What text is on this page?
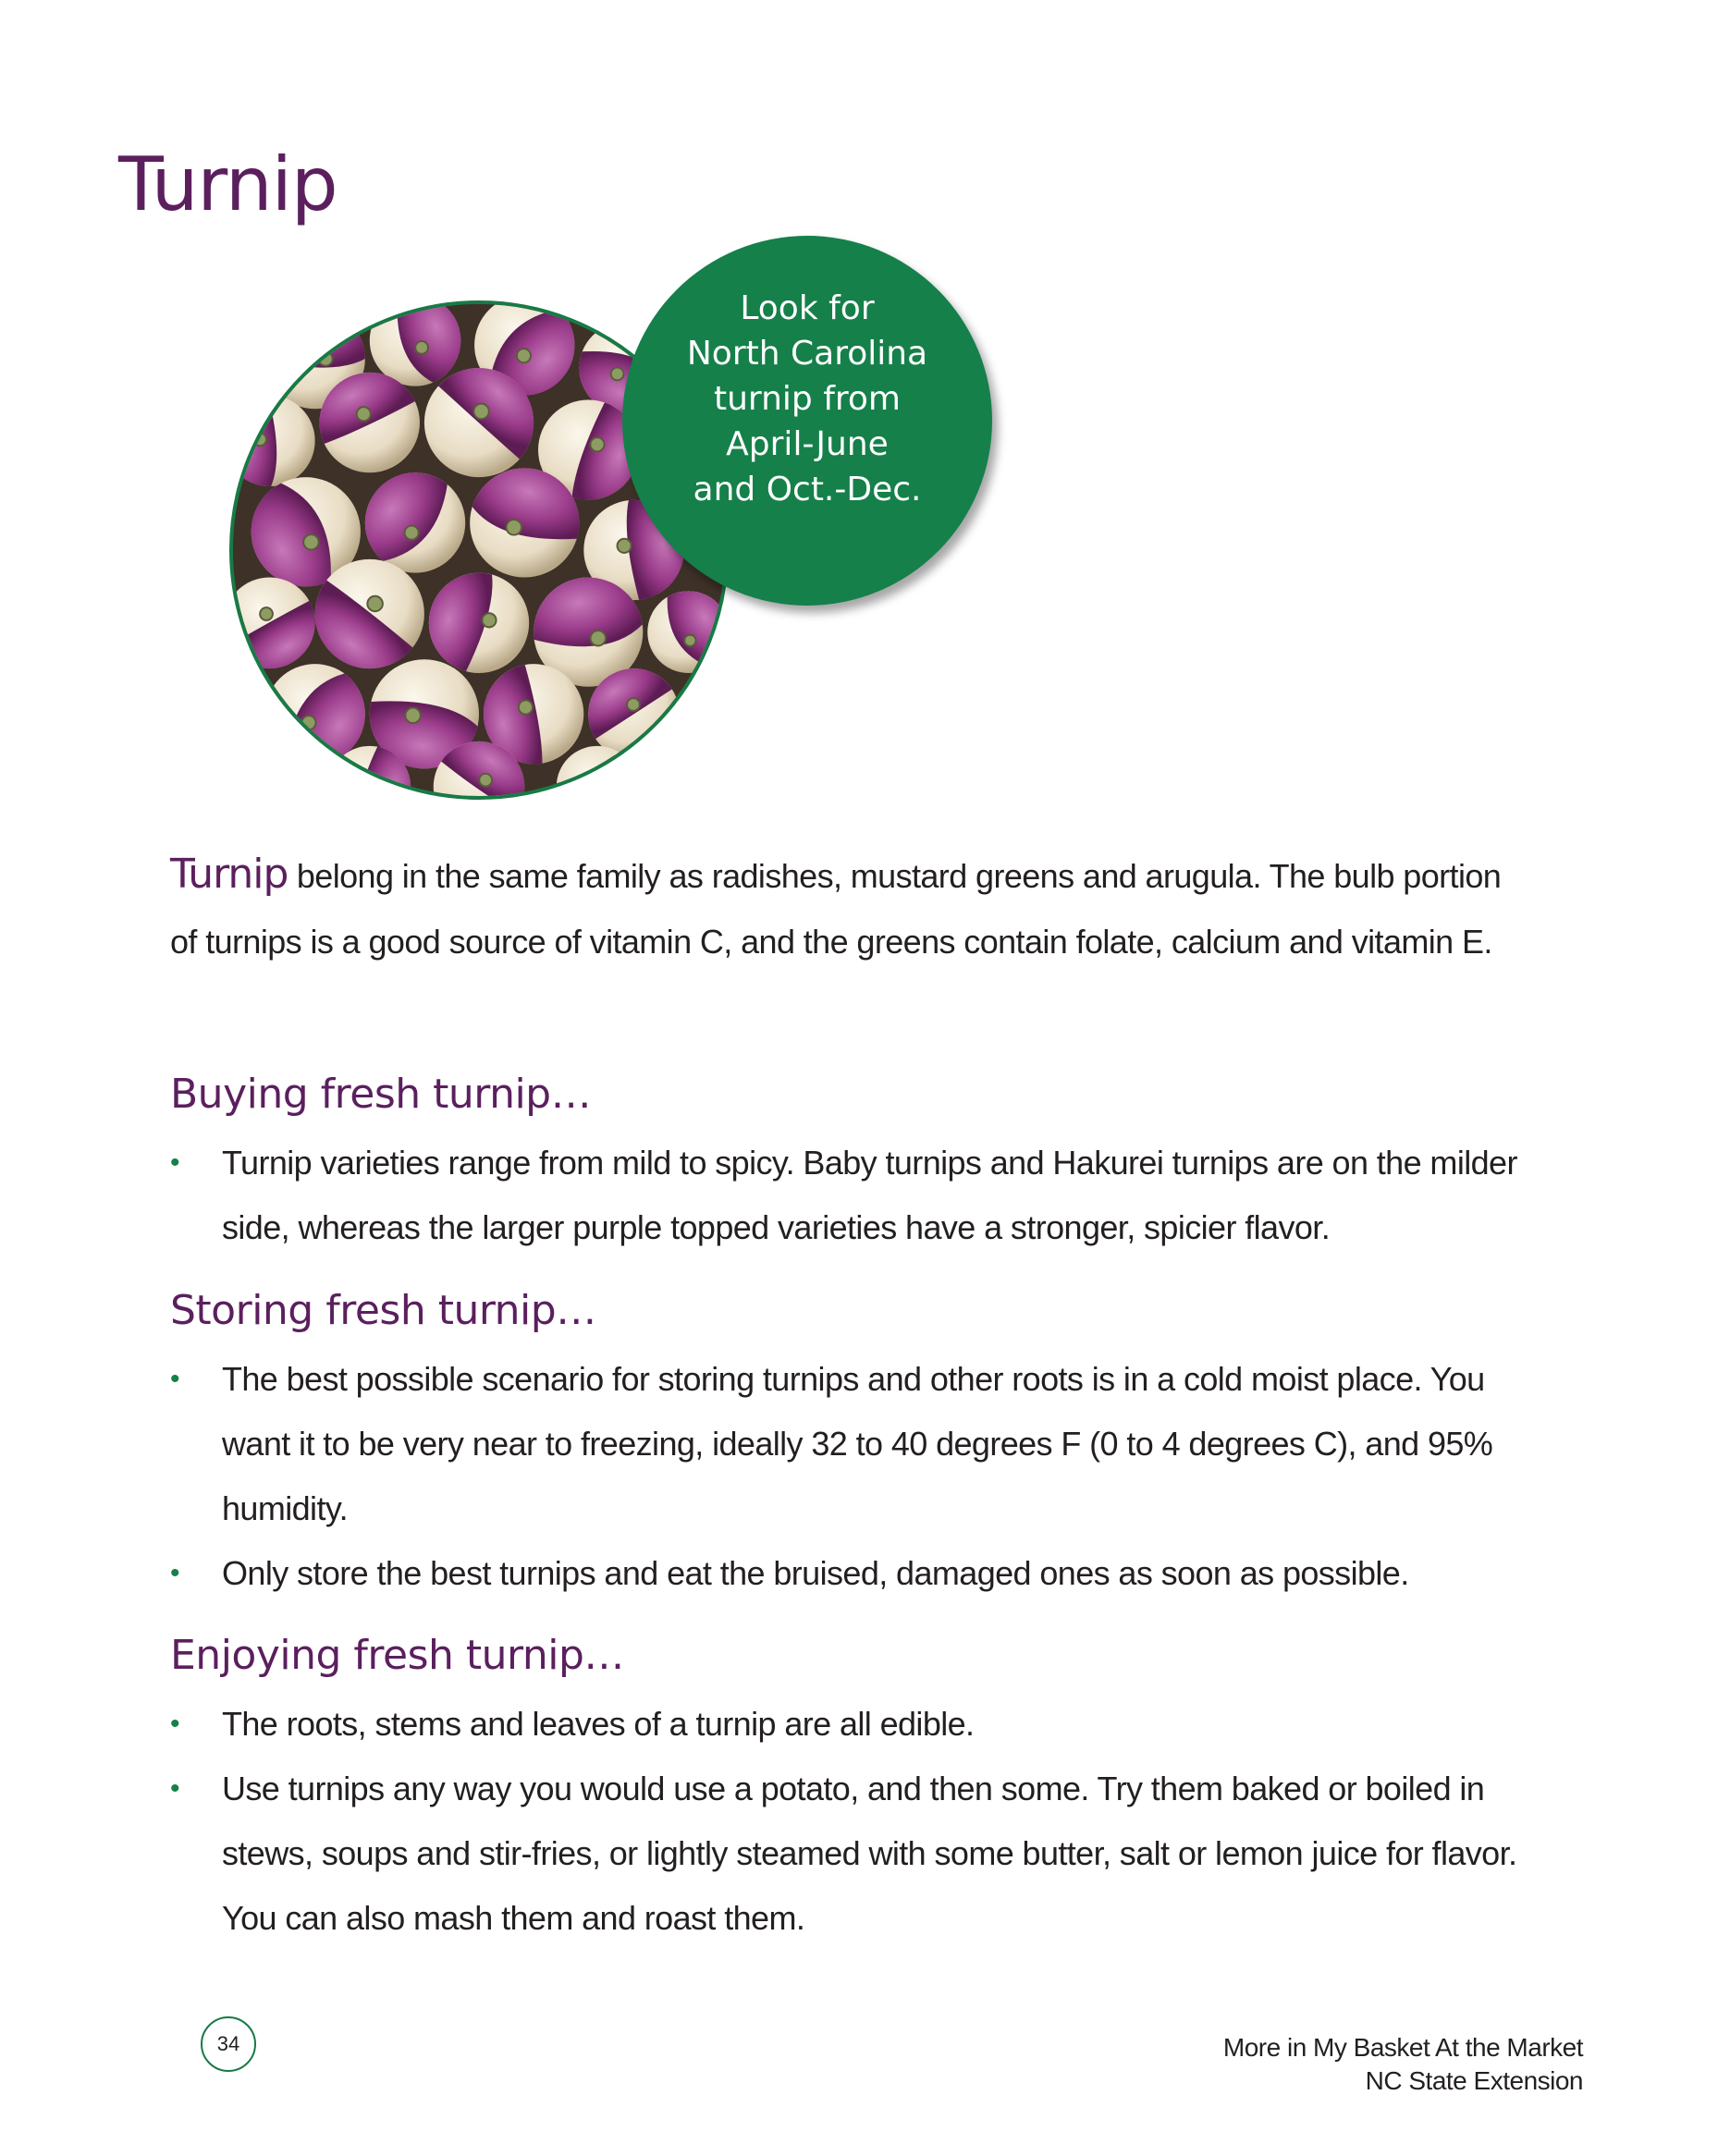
Turnip
Look for
North Carolina
turnip from
April-June
and Oct.-Dec.

Turnip belong in the same family as radishes, mustard greens and arugula. The bulb portion of turnips is a good source of vitamin C, and the greens contain folate, calcium and vitamin E.

Buying fresh turnip…
• Turnip varieties range from mild to spicy. Baby turnips and Hakurei turnips are on the milder side, whereas the larger purple topped varieties have a stronger, spicier flavor.
Storing fresh turnip…
• The best possible scenario for storing turnips and other roots is in a cold moist place. You want it to be very near to freezing, ideally 32 to 40 degrees F (0 to 4 degrees C), and 95% humidity.
• Only store the best turnips and eat the bruised, damaged ones as soon as possible.
Enjoying fresh turnip…
• The roots, stems and leaves of a turnip are all edible.
• Use turnips any way you would use a potato, and then some. Try them baked or boiled in stews, soups and stir-fries, or lightly steamed with some butter, salt or lemon juice for flavor. You can also mash them and roast them.
34	More in My Basket At the Market
NC State Extension
